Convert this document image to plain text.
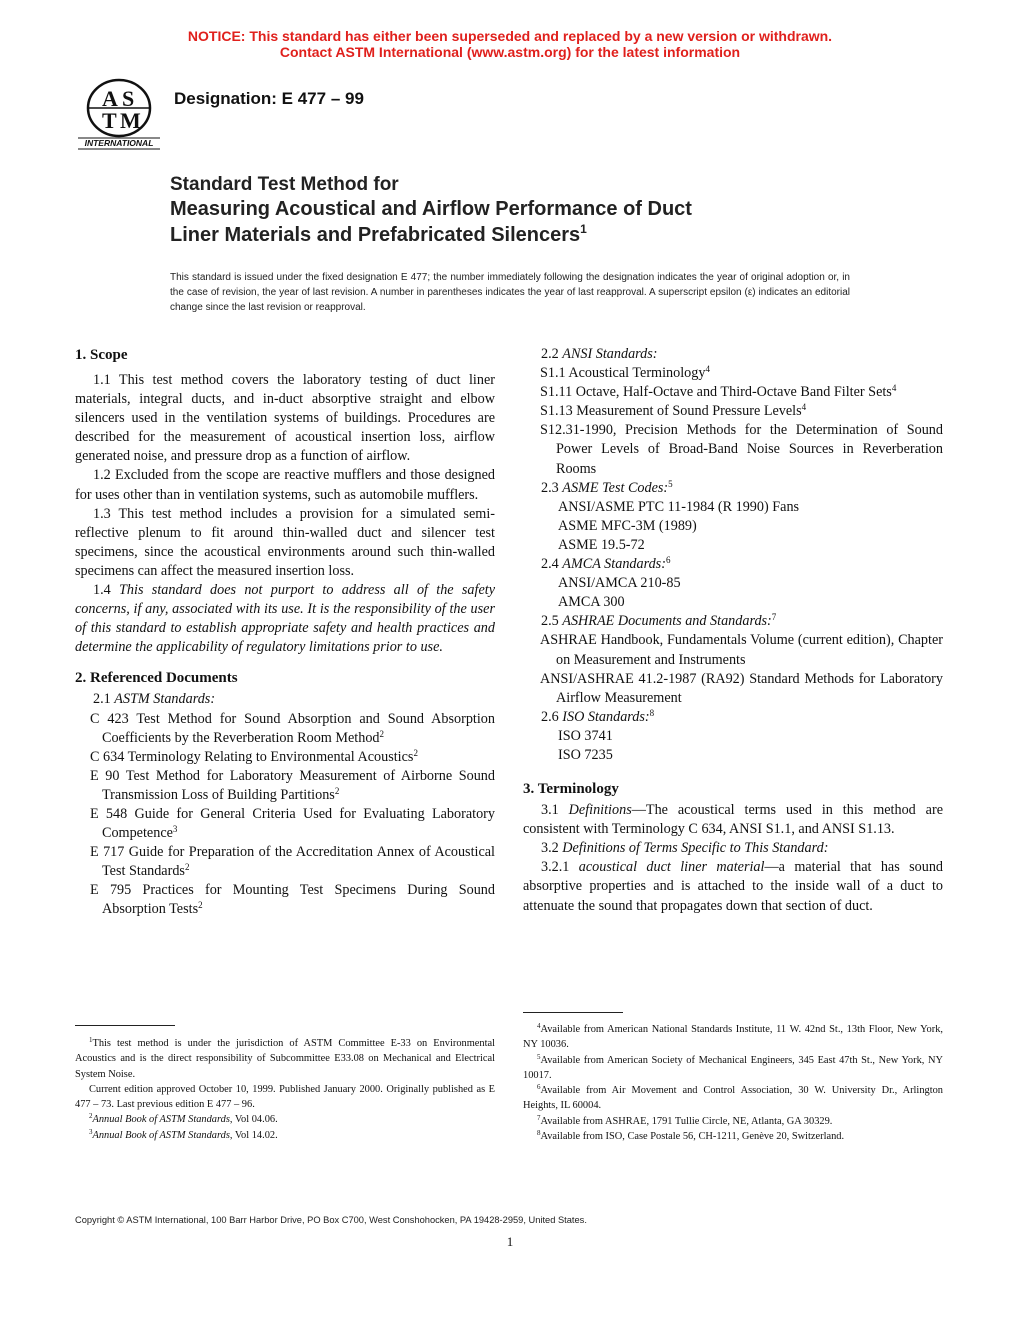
NOTICE: This standard has either been superseded and replaced by a new version or withdrawn.
Contact ASTM International (www.astm.org) for the latest information
A S
T M
INTERNATIONAL
Designation: E 477 – 99
Standard Test Method for
Measuring Acoustical and Airflow Performance of Duct
Liner Materials and Prefabricated Silencers$^1$
This standard is issued under the fixed designation E 477; the number immediately following the designation indicates the year of original adoption or, in the case of revision, the year of last revision. A number in parentheses indicates the year of last reapproval. A superscript epsilon (ε) indicates an editorial change since the last revision or reapproval.
1. Scope

1.1 This test method covers the laboratory testing of duct liner materials, integral ducts, and in-duct absorptive straight and elbow silencers used in the ventilation systems of buildings. Procedures are described for the measurement of acoustical insertion loss, airflow generated noise, and pressure drop as a function of airflow.

1.2 Excluded from the scope are reactive mufflers and those designed for uses other than in ventilation systems, such as automobile mufflers.

1.3 This test method includes a provision for a simulated semi-reflective plenum to fit around thin-walled duct and silencer test specimens, since the acoustical environments around such thin-walled specimens can affect the measured insertion loss.

1.4 This standard does not purport to address all of the safety concerns, if any, associated with its use. It is the responsibility of the user of this standard to establish appropriate safety and health practices and determine the applicability of regulatory limitations prior to use.

2. Referenced Documents

2.1 ASTM Standards:

C 423 Test Method for Sound Absorption and Sound Absorption Coefficients by the Reverberation Room Method$^2$

C 634 Terminology Relating to Environmental Acoustics$^2$

E 90 Test Method for Laboratory Measurement of Airborne Sound Transmission Loss of Building Partitions$^2$

E 548 Guide for General Criteria Used for Evaluating Laboratory Competence$^3$

E 717 Guide for Preparation of the Accreditation Annex of Acoustical Test Standards$^2$

E 795 Practices for Mounting Test Specimens During Sound Absorption Tests$^2$

2.2 ANSI Standards:

S1.1 Acoustical Terminology$^4$

S1.11 Octave, Half-Octave and Third-Octave Band Filter Sets$^4$

S1.13 Measurement of Sound Pressure Levels$^4$

S12.31-1990, Precision Methods for the Determination of Sound Power Levels of Broad-Band Noise Sources in Reverberation Rooms

2.3 ASME Test Codes:$^5$

ANSI/ASME PTC 11-1984 (R 1990) Fans

ASME MFC-3M (1989)

ASME 19.5-72

2.4 AMCA Standards:$^6$

ANSI/AMCA 210-85

AMCA 300

2.5 ASHRAE Documents and Standards:$^7$

ASHRAE Handbook, Fundamentals Volume (current edition), Chapter on Measurement and Instruments

ANSI/ASHRAE 41.2-1987 (RA92) Standard Methods for Laboratory Airflow Measurement

2.6 ISO Standards:$^8$

ISO 3741

ISO 7235

3. Terminology

3.1 Definitions—The acoustical terms used in this method are consistent with Terminology C 634, ANSI S1.1, and ANSI S1.13.

3.2 Definitions of Terms Specific to This Standard:

3.2.1 acoustical duct liner material—a material that has sound absorptive properties and is attached to the inside wall of a duct to attenuate the sound that propagates down that section of duct.

$^1$This test method is under the jurisdiction of ASTM Committee E-33 on Environmental Acoustics and is the direct responsibility of Subcommittee E33.08 on Mechanical and Electrical System Noise.

Current edition approved October 10, 1999. Published January 2000. Originally published as E 477 – 73. Last previous edition E 477 – 96.

$^2$Annual Book of ASTM Standards, Vol 04.06.

$^3$Annual Book of ASTM Standards, Vol 14.02.

$^4$Available from American National Standards Institute, 11 W. 42nd St., 13th Floor, New York, NY 10036.

$^5$Available from American Society of Mechanical Engineers, 345 East 47th St., New York, NY 10017.

$^6$Available from Air Movement and Control Association, 30 W. University Dr., Arlington Heights, IL 60004.

$^7$Available from ASHRAE, 1791 Tullie Circle, NE, Atlanta, GA 30329.

$^8$Available from ISO, Case Postale 56, CH-1211, Genève 20, Switzerland.

Copyright © ASTM International, 100 Barr Harbor Drive, PO Box C700, West Conshohocken, PA 19428-2959, United States.
1
